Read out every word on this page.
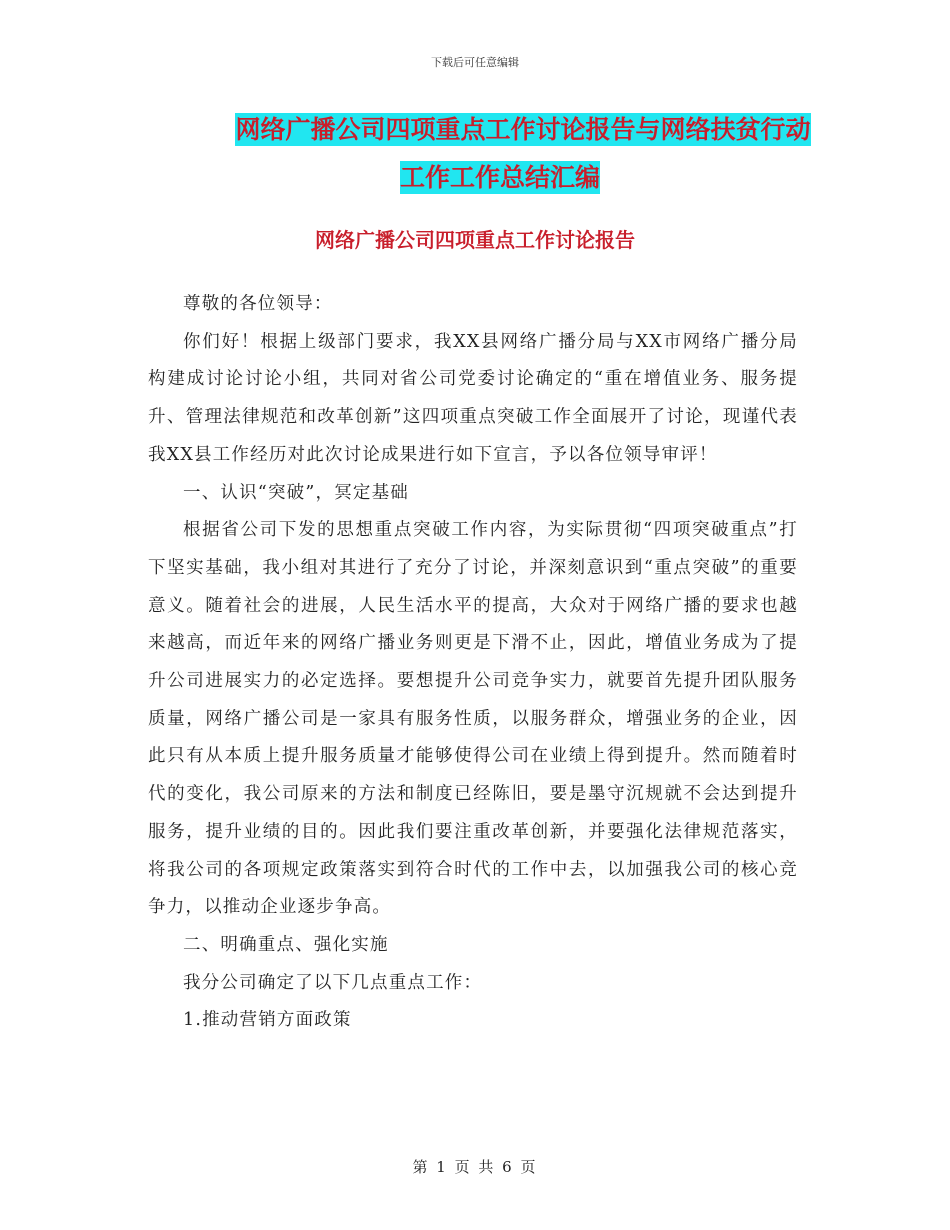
下载后可任意编辑
网络广播公司四项重点工作讨论报告与网络扶贫行动
工作工作总结汇编
网络广播公司四项重点工作讨论报告

尊敬的各位领导：

你们好！根据上级部门要求，我XX县网络广播分局与XX市网络广播分局构建成讨论讨论小组，共同对省公司党委讨论确定的“重在增值业务、服务提升、管理法律规范和改革创新”这四项重点突破工作全面展开了讨论，现谨代表我XX县工作经历对此次讨论成果进行如下宣言，予以各位领导审评！

一、认识“突破”，冥定基础

根据省公司下发的思想重点突破工作内容，为实际贯彻“四项突破重点”打下坚实基础，我小组对其进行了充分了讨论，并深刻意识到“重点突破”的重要意义。随着社会的进展，人民生活水平的提高，大众对于网络广播的要求也越来越高，而近年来的网络广播业务则更是下滑不止，因此，增值业务成为了提升公司进展实力的必定选择。要想提升公司竞争实力，就要首先提升团队服务质量，网络广播公司是一家具有服务性质，以服务群众，增强业务的企业，因此只有从本质上提升服务质量才能够使得公司在业绩上得到提升。然而随着时代的变化，我公司原来的方法和制度已经陈旧，要是墨守沉规就不会达到提升服务，提升业绩的目的。因此我们要注重改革创新，并要强化法律规范落实，将我公司的各项规定政策落实到符合时代的工作中去，以加强我公司的核心竞争力，以推动企业逐步争高。

二、明确重点、强化实施

我分公司确定了以下几点重点工作：

1.推动营销方面政策

第 1 页 共 6 页
